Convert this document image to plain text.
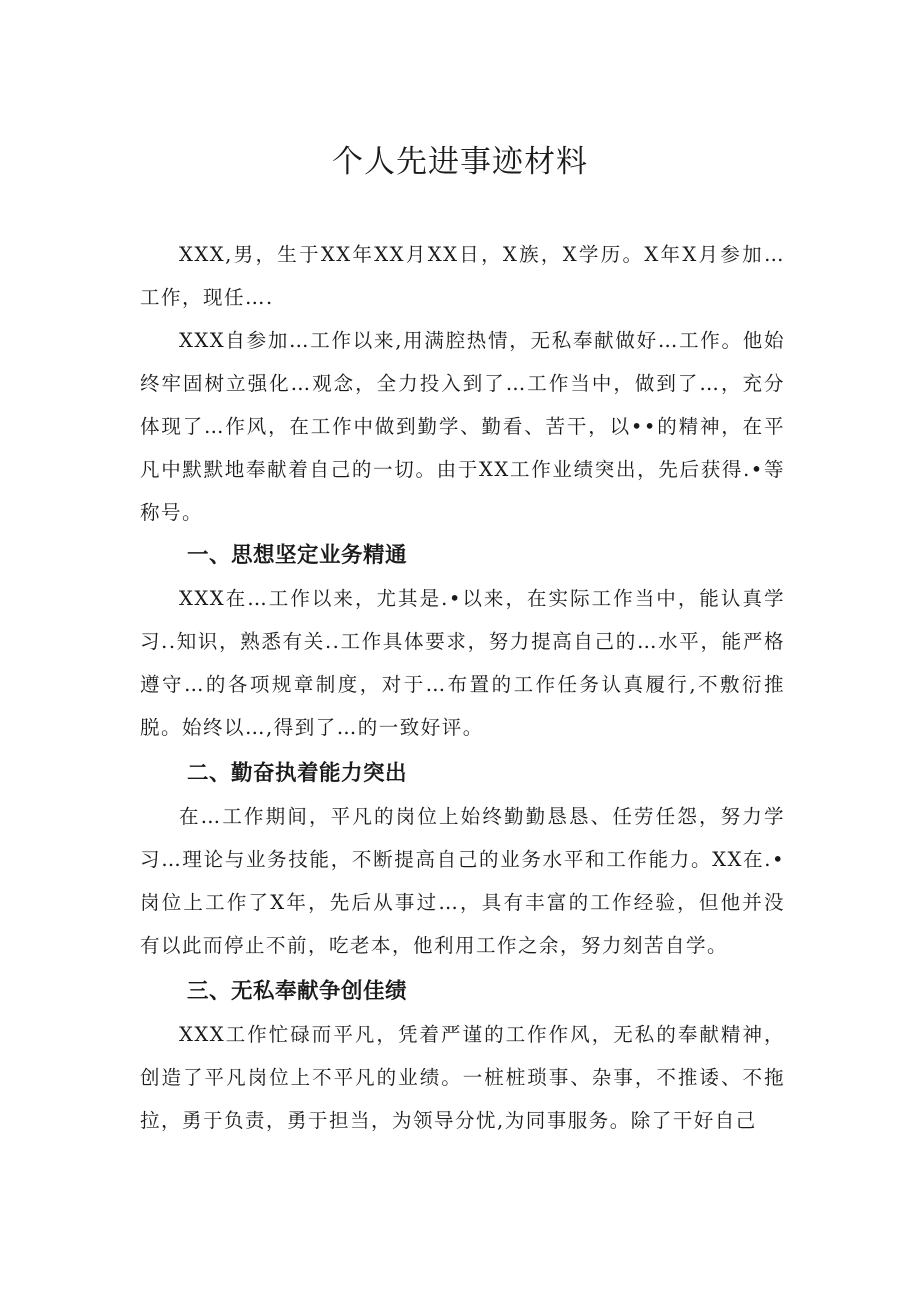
个人先进事迹材料

XXX,男，生于XX年XX月XX日，X族，X学历。X年X月参加…工作，现任….

XXX自参加…工作以来,用满腔热情，无私奉献做好…工作。他始终牢固树立强化…观念，全力投入到了…工作当中，做到了…，充分体现了…作风，在工作中做到勤学、勤看、苦干，以••的精神，在平凡中默默地奉献着自己的一切。由于XX工作业绩突出，先后获得.•等称号。

一、思想坚定业务精通

XXX在…工作以来，尤其是.•以来，在实际工作当中，能认真学习..知识，熟悉有关..工作具体要求，努力提高自己的…水平，能严格遵守…的各项规章制度，对于…布置的工作任务认真履行,不敷衍推脱。始终以…,得到了…的一致好评。

二、勤奋执着能力突出

在…工作期间，平凡的岗位上始终勤勤恳恳、任劳任怨，努力学习…理论与业务技能，不断提高自己的业务水平和工作能力。XX在.•岗位上工作了X年，先后从事过…，具有丰富的工作经验，但他并没有以此而停止不前，吃老本，他利用工作之余，努力刻苦自学。

三、无私奉献争创佳绩

XXX工作忙碌而平凡，凭着严谨的工作作风，无私的奉献精神，创造了平凡岗位上不平凡的业绩。一桩桩琐事、杂事，不推诿、不拖拉，勇于负责，勇于担当，为领导分忧,为同事服务。除了干好自己
